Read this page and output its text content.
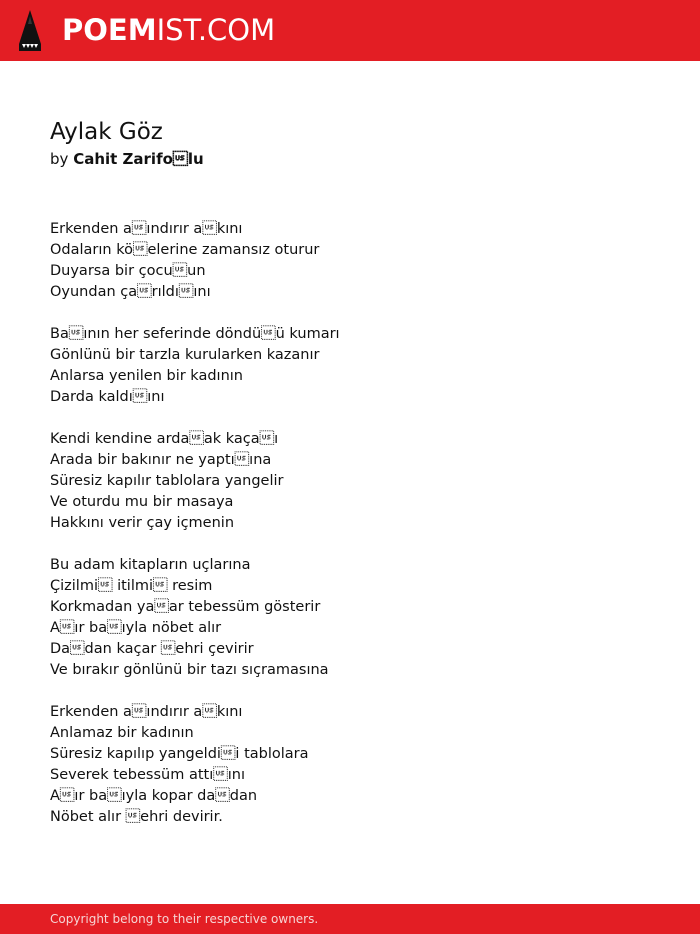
POEMIST.COM
Aylak Göz
by Cahit Zarifolu
Erkenden aındırır akını
Odaların köelerine zamansız oturur
Duyarsa bir çocuun
Oyundan çarıldıını
Baının her seferinde döndüü kumarı
Gönlünü bir tarzla kurularken kazanır
Anlarsa yenilen bir kadının
Darda kaldıını
Kendi kendine ardaak kaçaı
Arada bir bakınır ne yaptıına
Süresiz kapılır tablolara yangelir
Ve oturdu mu bir masaya
Hakkını verir çay içmenin
Bu adam kitapların uçlarına
Çizilmi itilmi resim
Korkmadan yaar tebessüm gösterir
Aır baıyla nöbet alır
Dadan kaçar ehri çevirir
Ve bırakır gönlünü bir tazı sıçramasına
Erkenden aındırır akını
Anlamaz bir kadının
Süresiz kapılıp yangeldii tablolara
Severek tebessüm attıını
Aır baıyla kopar dadan
Nöbet alır ehri devirir.
Copyright belong to their respective owners.
